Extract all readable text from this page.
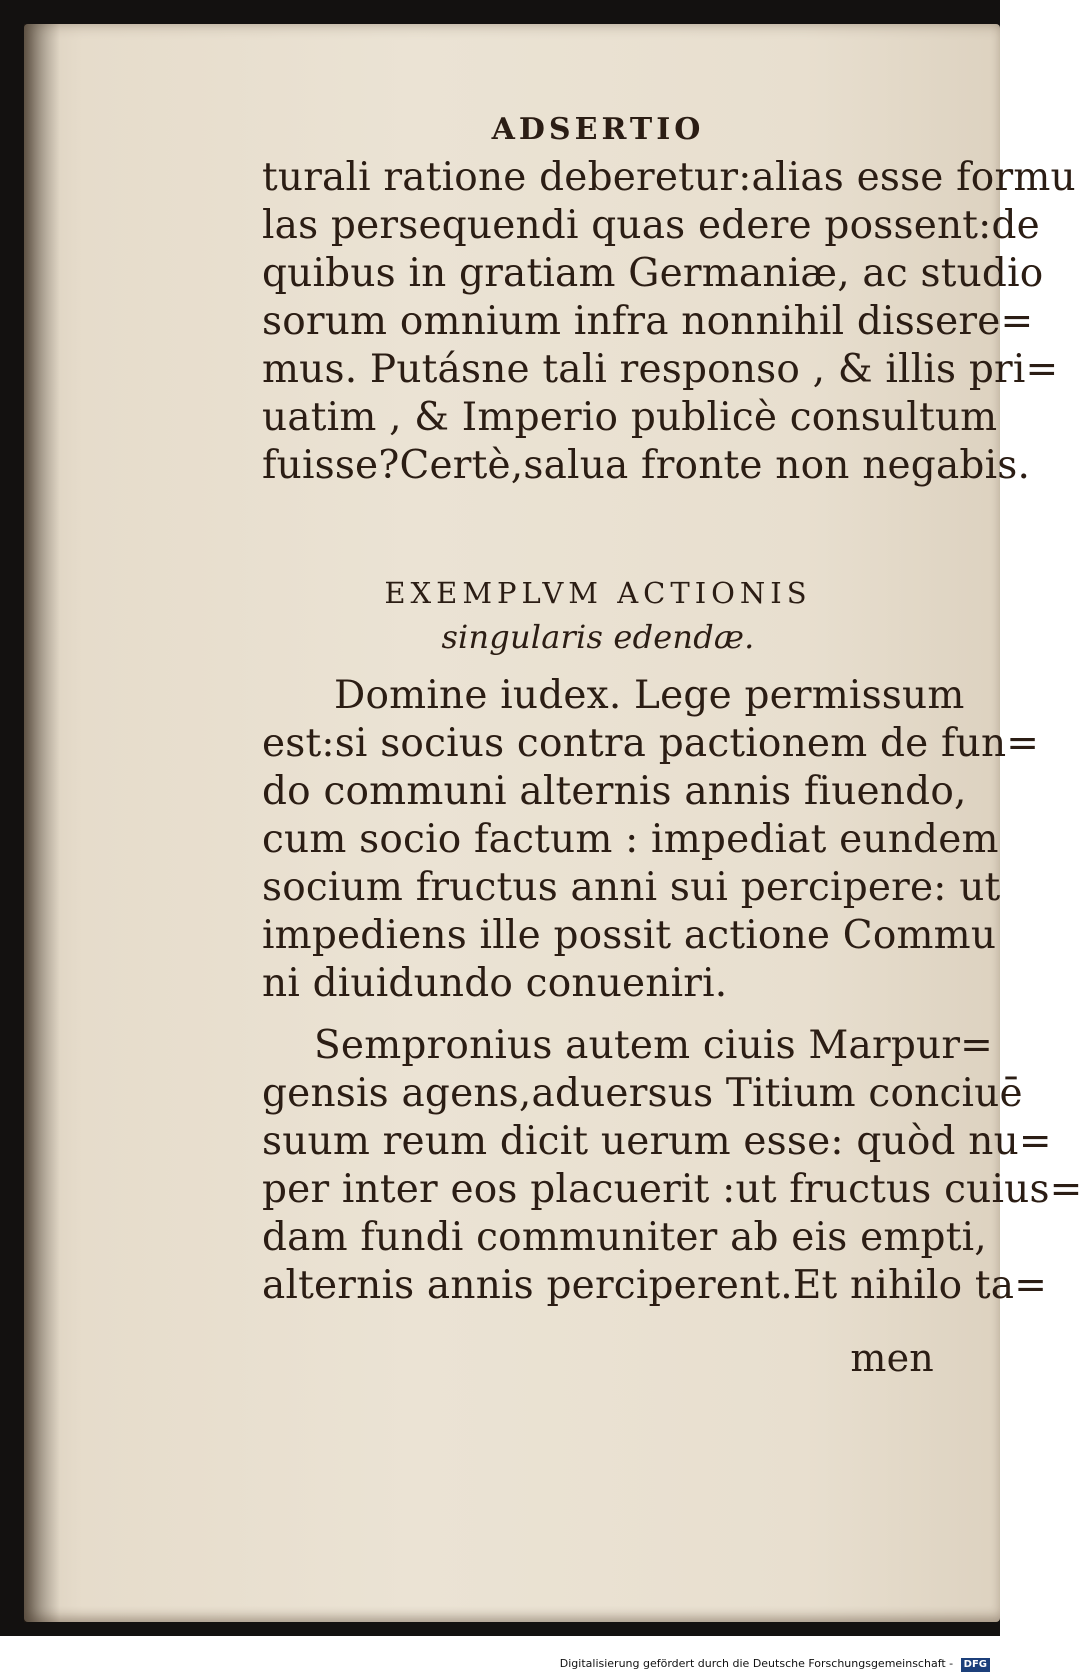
ADSERTIO
turali ratione deberetur:alias esse formu
las persequendi quas edere possent:de
quibus in gratiam Germaniæ, ac studio
sorum omnium infra nonnihil dissere=
mus. Putásne tali responso , & illis pri=
uatim , & Imperio publicè consultum
fuisse?Certè,salua fronte non negabis.
EXEMPLVM ACTIONIS
singularis edendæ.
Domine iudex. Lege permissum
est:si socius contra pactionem de fun=
do communi alternis annis fiuendo,
cum socio factum : impediat eundem
socium fructus anni sui percipere: ut
impediens ille possit actione Commu
ni diuidundo conueniri.
Sempronius autem ciuis Marpur=
gensis agens,aduersus Titium conciuē
suum reum dicit uerum esse: quòd nu=
per inter eos placuerit :ut fructus cuius=
dam fundi communiter ab eis empti,
alternis annis perciperent.Et nihilo ta=
men
Digitalisierung gefördert durch die Deutsche Forschungsgemeinschaft - DFG
